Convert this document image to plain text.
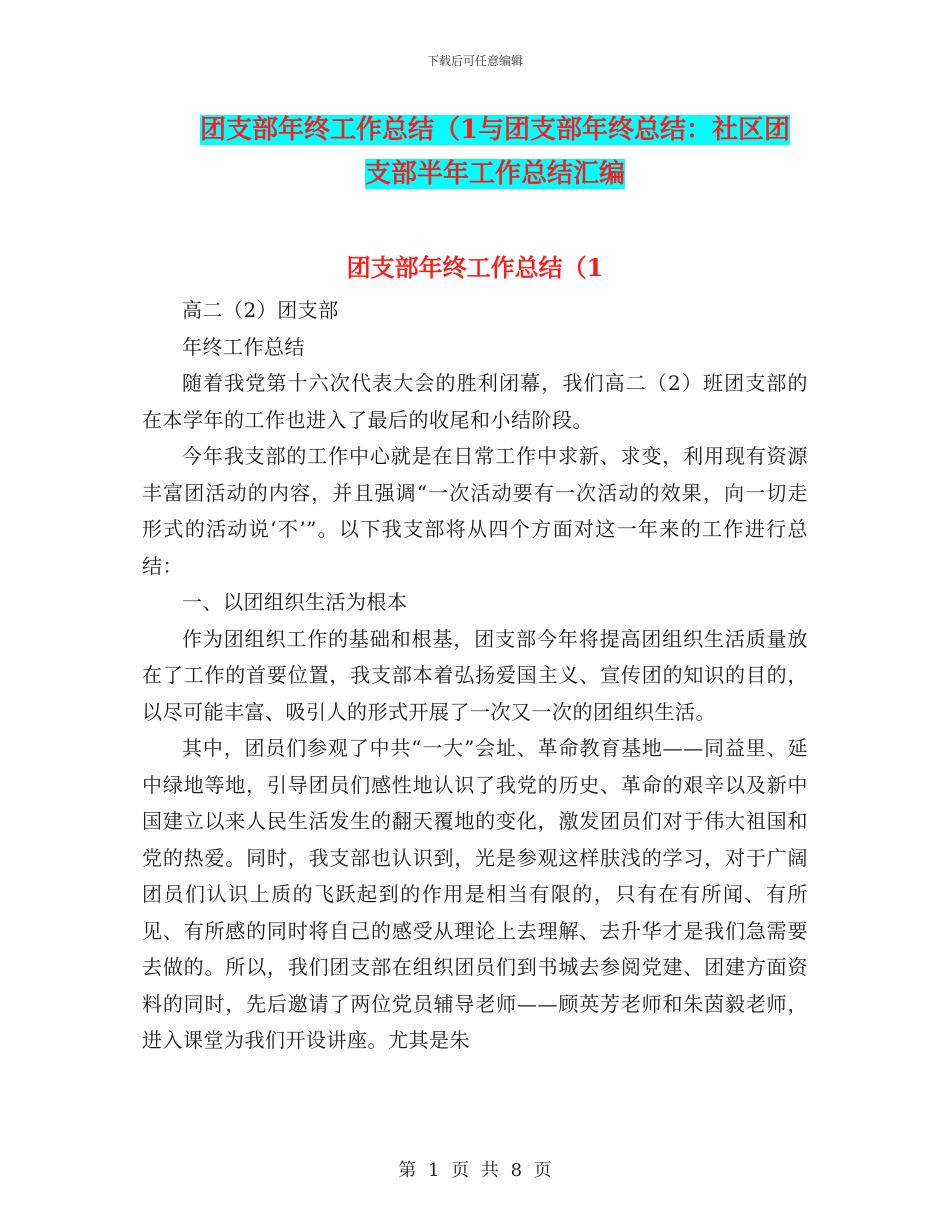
下载后可任意编辑
团支部年终工作总结（1与团支部年终总结：社区团
支部半年工作总结汇编
团支部年终工作总结（1

高二（2）团支部

年终工作总结

随着我党第十六次代表大会的胜利闭幕，我们高二（2）班团支部的在本学年的工作也进入了最后的收尾和小结阶段。

今年我支部的工作中心就是在日常工作中求新、求变，利用现有资源丰富团活动的内容，并且强调“一次活动要有一次活动的效果，向一切走形式的活动说‘不’”。以下我支部将从四个方面对这一年来的工作进行总结：

一、以团组织生活为根本

作为团组织工作的基础和根基，团支部今年将提高团组织生活质量放在了工作的首要位置，我支部本着弘扬爱国主义、宣传团的知识的目的，以尽可能丰富、吸引人的形式开展了一次又一次的团组织生活。

其中，团员们参观了中共“一大”会址、革命教育基地——同益里、延中绿地等地，引导团员们感性地认识了我党的历史、革命的艰辛以及新中国建立以来人民生活发生的翻天覆地的变化，激发团员们对于伟大祖国和党的热爱。同时，我支部也认识到，光是参观这样肤浅的学习，对于广阔团员们认识上质的飞跃起到的作用是相当有限的，只有在有所闻、有所见、有所感的同时将自己的感受从理论上去理解、去升华才是我们急需要去做的。所以，我们团支部在组织团员们到书城去参阅党建、团建方面资料的同时，先后邀请了两位党员辅导老师——顾英芳老师和朱茵毅老师，进入课堂为我们开设讲座。尤其是朱

第 1 页 共 8 页
